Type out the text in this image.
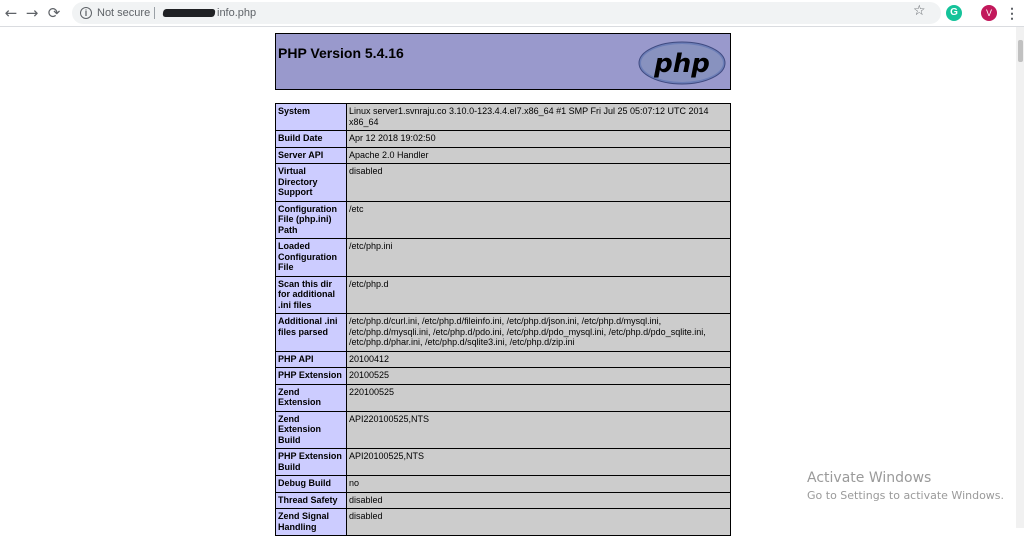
← → ⟳	i Not secure	info.php	☆	G	V ⋮
PHP Version 5.4.16	php
System	Linux server1.svnraju.co 3.10.0-123.4.4.el7.x86_64 #1 SMP Fri Jul 25 05:07:12 UTC 2014 x86_64
Build Date	Apr 12 2018 19:02:50
Server API	Apache 2.0 Handler
Virtual Directory Support	disabled
Configuration File (php.ini) Path	/etc
Loaded Configuration File	/etc/php.ini
Scan this dir for additional .ini files	/etc/php.d
Additional .ini files parsed	/etc/php.d/curl.ini, /etc/php.d/fileinfo.ini, /etc/php.d/json.ini, /etc/php.d/mysql.ini, /etc/php.d/mysqli.ini, /etc/php.d/pdo.ini, /etc/php.d/pdo_mysql.ini, /etc/php.d/pdo_sqlite.ini, /etc/php.d/phar.ini, /etc/php.d/sqlite3.ini, /etc/php.d/zip.ini
PHP API	20100412
PHP Extension	20100525
Zend Extension	220100525
Zend Extension Build	API220100525,NTS
PHP Extension Build	API20100525,NTS
Debug Build	no
Thread Safety	disabled
Zend Signal Handling	disabled
Activate Windows
Go to Settings to activate Windows.
